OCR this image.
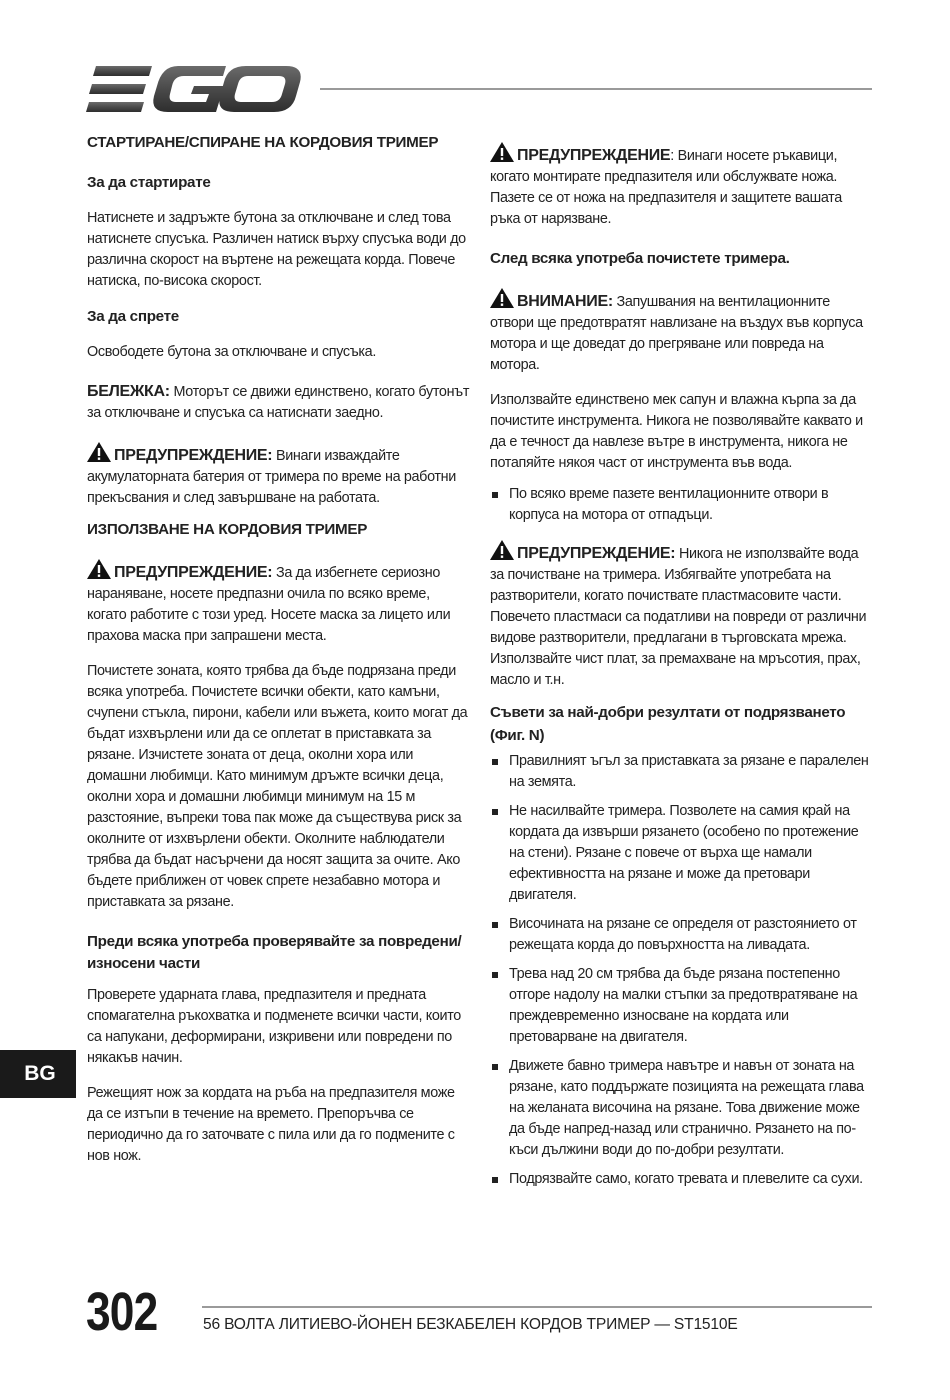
EGO
СТАРТИРАНЕ/СПИРАНЕ НА КОРДОВИЯ ТРИМЕР
За да стартирате

Натиснете и задръжте бутона за отключване и след това натиснете спусъка. Различен натиск върху спусъка води до различна скорост на въртене на режещата корда. Повече натиска, по-висока скорост.

За да спрете

Освободете бутона за отключване и спусъка.

БЕЛЕЖКА: Моторът се движи единствено, когато бутонът за отключване и спусъка са натиснати заедно.

ПРЕДУПРЕЖДЕНИЕ: Винаги изваждайте акумулаторната батерия от тримера по време на работни прекъсвания и след завършване на работата.

ИЗПОЛЗВАНЕ НА КОРДОВИЯ ТРИМЕР

ПРЕДУПРЕЖДЕНИЕ: За да избегнете сериозно нараняване, носете предпазни очила по всяко време, когато работите с този уред. Носете маска за лицето или прахова маска при запрашени места.

Почистете зоната, която трябва да бъде подрязана преди всяка употреба. Почистете всички обекти, като камъни, счупени стъкла, пирони, кабели или въжета, които могат да бъдат изхвърлени или да се оплетат в приставката за рязане. Изчистете зоната от деца, околни хора или домашни любимци. Като минимум дръжте всички деца, околни хора и домашни любимци минимум на 15 м разстояние, въпреки това пак може да съществува риск за околните от изхвърлени обекти. Околните наблюдатели трябва да бъдат насърчени да носят защита за очите. Ако бъдете приближен от човек спрете незабавно мотора и приставката за рязане.

Преди всяка употреба проверявайте за повредени/износени части

Проверете ударната глава, предпазителя и предната спомагателна ръкохватка и подменете всички части, които са напукани, деформирани, изкривени или повредени по някакъв начин.

Режещият нож за кордата на ръба на предпазителя може да се изтъпи в течение на времето. Препоръчва се периодично да го заточвате с пила или да го подмените с нов нож.

ПРЕДУПРЕЖДЕНИЕ: Винаги носете ръкавици, когато монтирате предпазителя или обслужвате ножа. Пазете се от ножа на предпазителя и защитете вашата ръка от нарязване.

След всяка употреба почистете тримера.

ВНИМАНИЕ: Запушвания на вентилационните отвори ще предотвратят навлизане на въздух във корпуса мотора и ще доведат до прегряване или повреда на мотора.

Използвайте единствено мек сапун и влажна кърпа за да почистите инструмента. Никога не позволявайте каквато и да е течност да навлезе вътре в инструмента, никога не потапяйте някоя част от инструмента във вода.

По всяко време пазете вентилационните отвори в корпуса на мотора от отпадъци.

ПРЕДУПРЕЖДЕНИЕ: Никога не използвайте вода за почистване на тримера. Избягвайте употребата на разтворители, когато почиствате пластмасовите части. Повечето пластмаси са податливи на повреди от различни видове разтворители, предлагани в търговската мрежа. Използвайте чист плат, за премахване на мръсотия, прах, масло и т.н.

Съвети за най-добри резултати от подрязването (Фиг. N)
Правилният ъгъл за приставката за рязане е паралелен на земята.
Не насилвайте тримера. Позволете на самия край на кордата да извърши рязането (особено по протежение на стени). Рязане с повече от върха ще намали ефективността на рязане и може да претовари двигателя.
Височината на рязане се определя от разстоянието от режещата корда до повърхността на ливадата.
Трева над 20 см трябва да бъде рязана постепенно отгоре надолу на малки стъпки за предотвратяване на преждевременно износване на кордата или претоварване на двигателя.
Движете бавно тримера навътре и навън от зоната на рязане, като поддържате позицията на режещата глава на желаната височина на рязане. Това движение може да бъде напред-назад или странично. Рязането на по-къси дължини води до по-добри резултати.
Подрязвайте само, когато тревата и плевелите са сухи.
BG
302	56 ВОЛТА ЛИТИЕВО-ЙОНЕН БЕЗКАБЕЛЕН КОРДОВ ТРИМЕР — ST1510E
